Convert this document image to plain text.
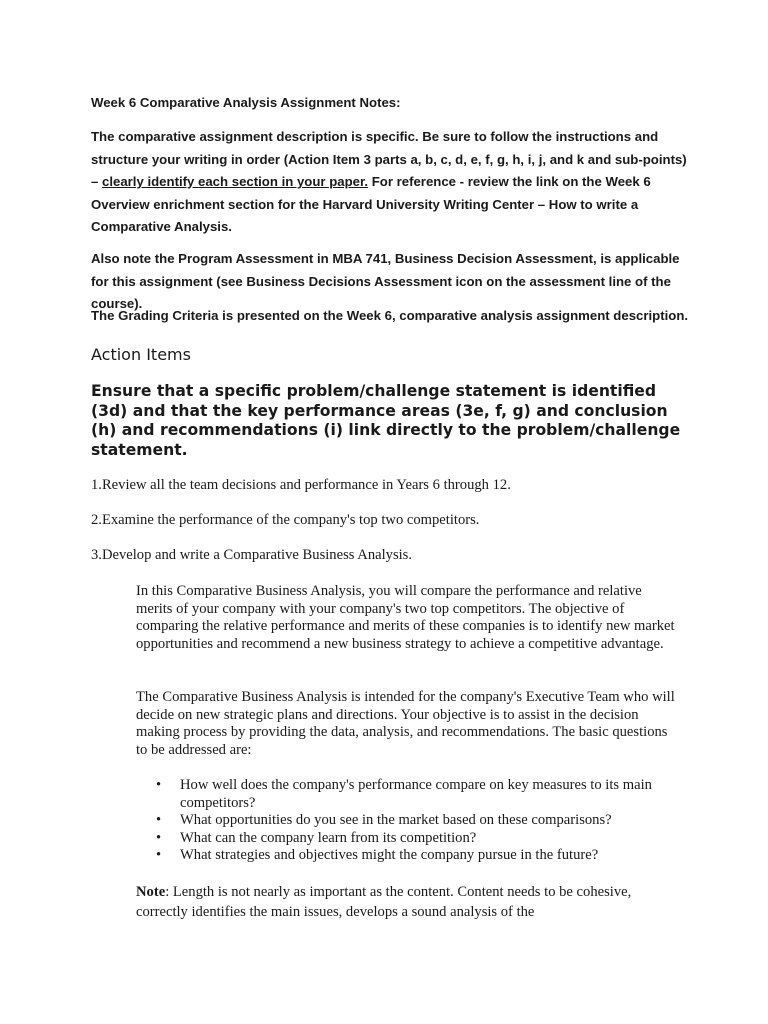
Week 6 Comparative Analysis Assignment Notes:
The comparative assignment description is specific. Be sure to follow the instructions and structure your writing in order (Action Item 3 parts a, b, c, d, e, f, g, h, i, j, and k and sub-points) – clearly identify each section in your paper. For reference - review the link on the Week 6 Overview enrichment section for the Harvard University Writing Center – How to write a Comparative Analysis.
Also note the Program Assessment in MBA 741, Business Decision Assessment, is applicable for this assignment (see Business Decisions Assessment icon on the assessment line of the course).
The Grading Criteria is presented on the Week 6, comparative analysis assignment description.
Action Items
Ensure that a specific problem/challenge statement is identified (3d) and that the key performance areas (3e, f, g) and conclusion (h) and recommendations (i) link directly to the problem/challenge statement.
1.Review all the team decisions and performance in Years 6 through 12.
2.Examine the performance of the company's top two competitors.
3.Develop and write a Comparative Business Analysis.
In this Comparative Business Analysis, you will compare the performance and relative merits of your company with your company's two top competitors. The objective of comparing the relative performance and merits of these companies is to identify new market opportunities and recommend a new business strategy to achieve a competitive advantage.
The Comparative Business Analysis is intended for the company's Executive Team who will decide on new strategic plans and directions. Your objective is to assist in the decision making process by providing the data, analysis, and recommendations. The basic questions to be addressed are:
• How well does the company's performance compare on key measures to its main competitors?
• What opportunities do you see in the market based on these comparisons?
• What can the company learn from its competition?
• What strategies and objectives might the company pursue in the future?
Note: Length is not nearly as important as the content. Content needs to be cohesive, correctly identifies the main issues, develops a sound analysis of the
